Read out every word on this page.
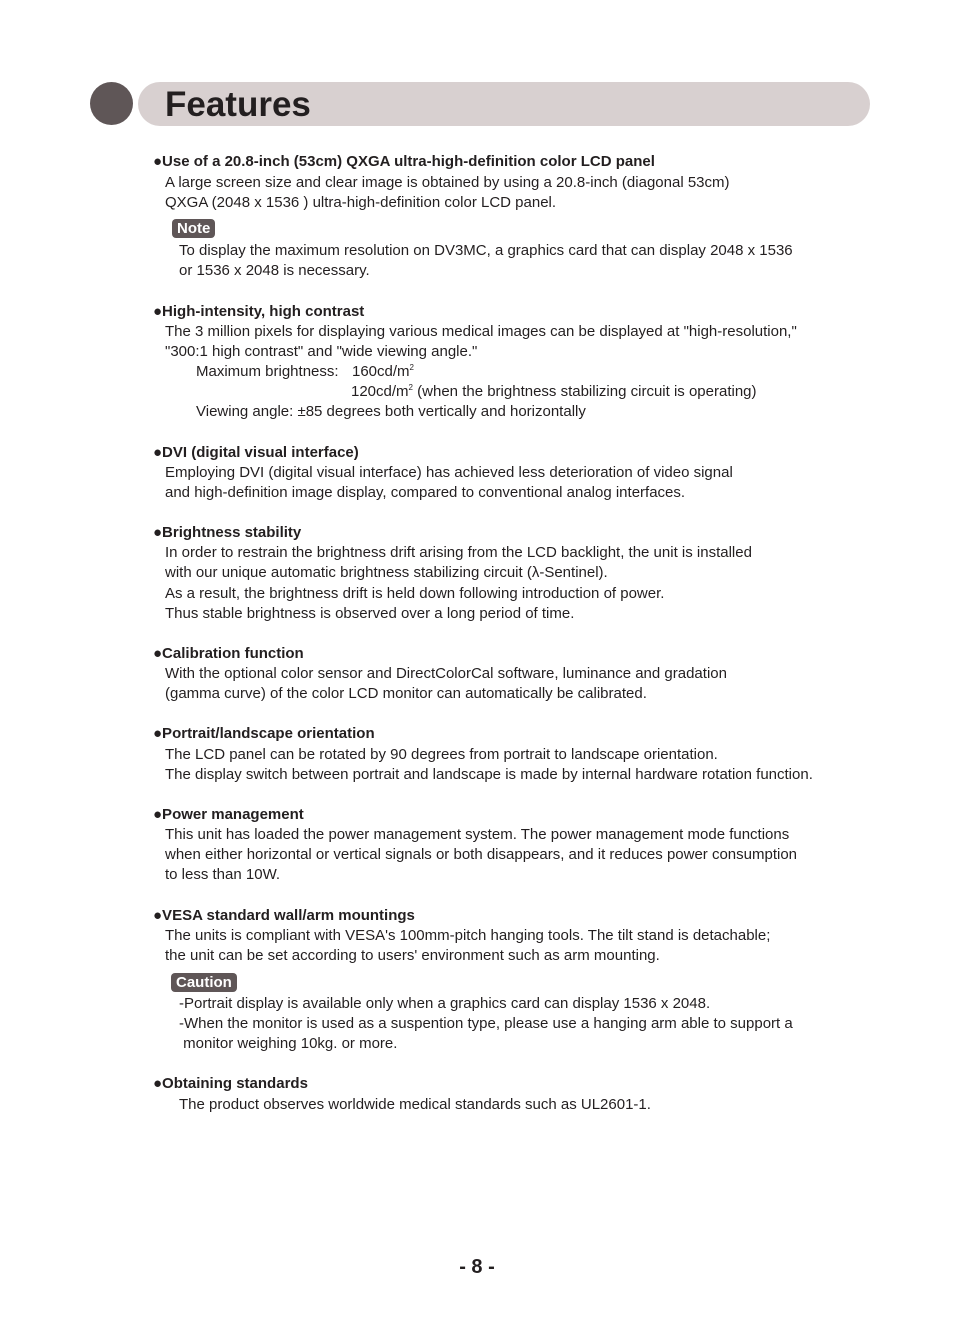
Features
●Use of a 20.8-inch (53cm) QXGA ultra-high-definition color LCD panel
A large screen size and clear image is obtained by using a 20.8-inch (diagonal 53cm)
QXGA (2048 x 1536 ) ultra-high-definition color LCD panel.
Note
To display the maximum resolution on DV3MC, a graphics card that can display 2048 x 1536
or 1536 x 2048 is necessary.
●High-intensity, high contrast
The 3 million pixels for displaying various medical images can be displayed at "high-resolution,"
"300:1 high contrast" and "wide viewing angle."
Maximum brightness: $160cd/m^2$
$120cd/m^2$ (when the brightness stabilizing circuit is operating)
Viewing angle: ±85 degrees both vertically and horizontally
●DVI (digital visual interface)
Employing DVI (digital visual interface) has achieved less deterioration of video signal
and high-definition image display, compared to conventional analog interfaces.
●Brightness stability
In order to restrain the brightness drift arising from the LCD backlight, the unit is installed
with our unique automatic brightness stabilizing circuit (λ-Sentinel).
As a result, the brightness drift is held down following introduction of power.
Thus stable brightness is observed over a long period of time.
●Calibration function
With the optional color sensor and DirectColorCal software, luminance and gradation
(gamma curve) of the color LCD monitor can automatically be calibrated.
●Portrait/landscape orientation
The LCD panel can be rotated by 90 degrees from portrait to landscape orientation.
The display switch between portrait and landscape is made by internal hardware rotation function.
●Power management
This unit has loaded the power management system. The power management mode functions
when either horizontal or vertical signals or both disappears, and it reduces power consumption
to less than 10W.
●VESA standard wall/arm mountings
The units is compliant with VESA's 100mm-pitch hanging tools. The tilt stand is detachable;
the unit can be set according to users' environment such as arm mounting.
Caution
-Portrait display is available only when a graphics card can display 1536 x 2048.
-When the monitor is used as a suspention type, please use a hanging arm able to support a
monitor weighing 10kg. or more.
●Obtaining standards
The product observes worldwide medical standards such as UL2601-1.
- 8 -
